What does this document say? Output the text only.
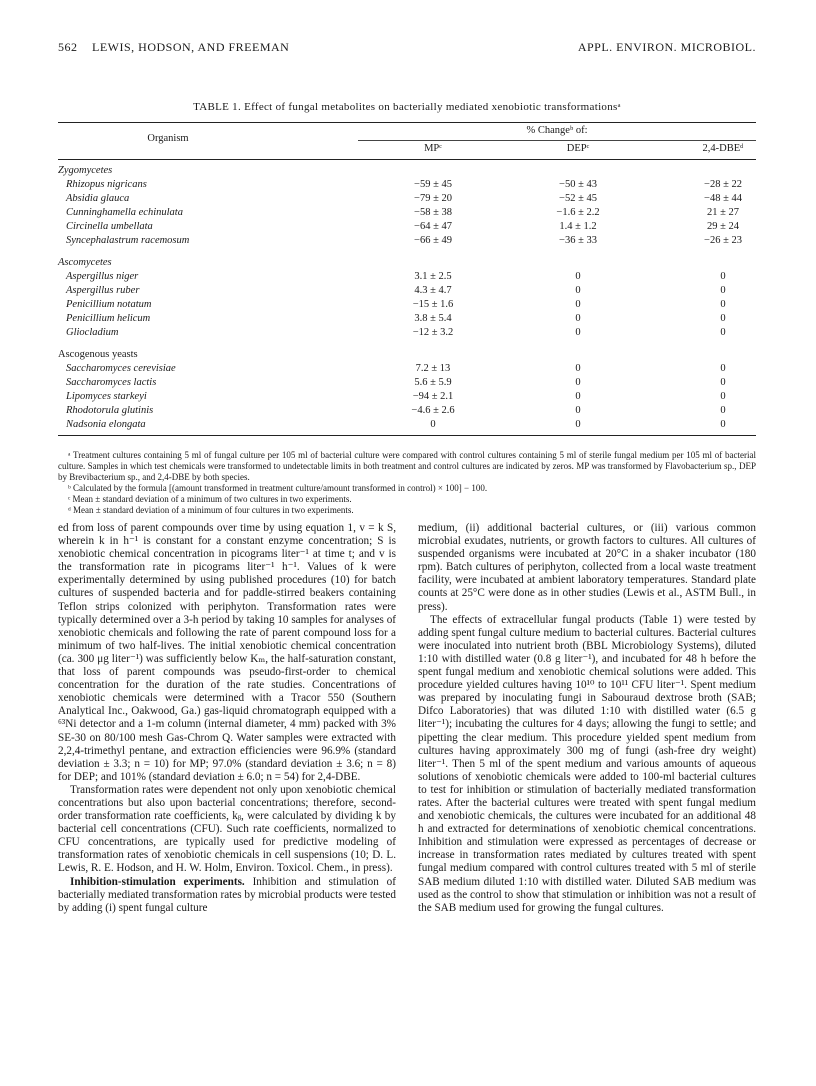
562 LEWIS, HODSON, AND FREEMAN	APPL. ENVIRON. MICROBIOL.
TABLE 1. Effect of fungal metabolites on bacterially mediated xenobiotic transformationsᵃ
Organism
% Changeᵇ of:
MPᶜ	DEPᶜ	2,4-DBEᵈ
Zygomycetes
Rhizopus nigricans	−59 ± 45	−50 ± 43	−28 ± 22
Absidia glauca	−79 ± 20	−52 ± 45	−48 ± 44
Cunninghamella echinulata	−58 ± 38	−1.6 ± 2.2	21 ± 27
Circinella umbellata	−64 ± 47	1.4 ± 1.2	29 ± 24
Syncephalastrum racemosum	−66 ± 49	−36 ± 33	−26 ± 23
Ascomycetes
Aspergillus niger	3.1 ± 2.5	0	0
Aspergillus ruber	4.3 ± 4.7	0	0
Penicillium notatum	−15 ± 1.6	0	0
Penicillium helicum	3.8 ± 5.4	0	0
Gliocladium	−12 ± 3.2	0	0
Ascogenous yeasts
Saccharomyces cerevisiae	7.2 ± 13	0	0
Saccharomyces lactis	5.6 ± 5.9	0	0
Lipomyces starkeyi	−94 ± 2.1	0	0
Rhodotorula glutinis	−4.6 ± 2.6	0	0
Nadsonia elongata	0	0	0

ᵃ Treatment cultures containing 5 ml of fungal culture per 105 ml of bacterial culture were compared with control cultures containing 5 ml of sterile fungal medium per 105 ml of bacterial culture. Samples in which test chemicals were transformed to undetectable limits in both treatment and control cultures are indicated by zeros. MP was transformed by Flavobacterium sp., DEP by Brevibacterium sp., and 2,4-DBE by both species.

ᵇ Calculated by the formula [(amount transformed in treatment culture/amount transformed in control) × 100] − 100.

ᶜ Mean ± standard deviation of a minimum of two cultures in two experiments.

ᵈ Mean ± standard deviation of a minimum of four cultures in two experiments.

ed from loss of parent compounds over time by using equation 1, v = k S, wherein k in h⁻¹ is constant for a constant enzyme concentration; S is xenobiotic chemical concentration in picograms liter⁻¹ at time t; and v is the transformation rate in picograms liter⁻¹ h⁻¹. Values of k were experimentally determined by using published procedures (10) for batch cultures of suspended bacteria and for paddle-stirred beakers containing Teflon strips colonized with periphyton. Transformation rates were typically determined over a 3-h period by taking 10 samples for analyses of xenobiotic chemicals and following the rate of parent compound loss for a minimum of two half-lives. The initial xenobiotic chemical concentration (ca. 300 μg liter⁻¹) was sufficiently below Kₘ, the half-saturation constant, that loss of parent compounds was pseudo-first-order to chemical concentration for the duration of the rate studies. Concentrations of xenobiotic chemicals were determined with a Tracor 550 (Southern Analytical Inc., Oakwood, Ga.) gas-liquid chromatograph equipped with a ⁶³Ni detector and a 1-m column (internal diameter, 4 mm) packed with 3% SE-30 on 80/100 mesh Gas-Chrom Q. Water samples were extracted with 2,2,4-trimethyl pentane, and extraction efficiencies were 96.9% (standard deviation ± 3.3; n = 10) for MP; 97.0% (standard deviation ± 3.6; n = 8) for DEP; and 101% (standard deviation ± 6.0; n = 54) for 2,4-DBE.

Transformation rates were dependent not only upon xenobiotic chemical concentrations but also upon bacterial concentrations; therefore, second-order transformation rate coefficients, kᵦ, were calculated by dividing k by bacterial cell concentrations (CFU). Such rate coefficients, normalized to CFU concentrations, are typically used for predictive modeling of transformation rates of xenobiotic chemicals in cell suspensions (10; D. L. Lewis, R. E. Hodson, and H. W. Holm, Environ. Toxicol. Chem., in press).

Inhibition-stimulation experiments. Inhibition and stimulation of bacterially mediated transformation rates by microbial products were tested by adding (i) spent fungal culture

medium, (ii) additional bacterial cultures, or (iii) various common microbial exudates, nutrients, or growth factors to cultures. All cultures of suspended organisms were incubated at 20°C in a shaker incubator (180 rpm). Batch cultures of periphyton, collected from a local waste treatment facility, were incubated at ambient laboratory temperatures. Standard plate counts at 25°C were done as in other studies (Lewis et al., ASTM Bull., in press).

The effects of extracellular fungal products (Table 1) were tested by adding spent fungal culture medium to bacterial cultures. Bacterial cultures were inoculated into nutrient broth (BBL Microbiology Systems), diluted 1:10 with distilled water (0.8 g liter⁻¹), and incubated for 48 h before the spent fungal medium and xenobiotic chemical solutions were added. This procedure yielded cultures having 10¹⁰ to 10¹¹ CFU liter⁻¹. Spent medium was prepared by inoculating fungi in Sabouraud dextrose broth (SAB; Difco Laboratories) that was diluted 1:10 with distilled water (6.5 g liter⁻¹); incubating the cultures for 4 days; allowing the fungi to settle; and pipetting the clear medium. This procedure yielded spent medium from cultures having approximately 300 mg of fungi (ash-free dry weight) liter⁻¹. Then 5 ml of the spent medium and various amounts of aqueous solutions of xenobiotic chemicals were added to 100-ml bacterial cultures to test for inhibition or stimulation of bacterially mediated transformation rates. After the bacterial cultures were treated with spent fungal medium and xenobiotic chemicals, the cultures were incubated for an additional 48 h and extracted for determinations of xenobiotic chemical concentrations. Inhibition and stimulation were expressed as percentages of decrease or increase in transformation rates mediated by cultures treated with spent fungal medium compared with control cultures treated with 5 ml of sterile SAB medium diluted 1:10 with distilled water. Diluted SAB medium was used as the control to show that stimulation or inhibition was not a result of the SAB medium used for growing the fungal cultures.
